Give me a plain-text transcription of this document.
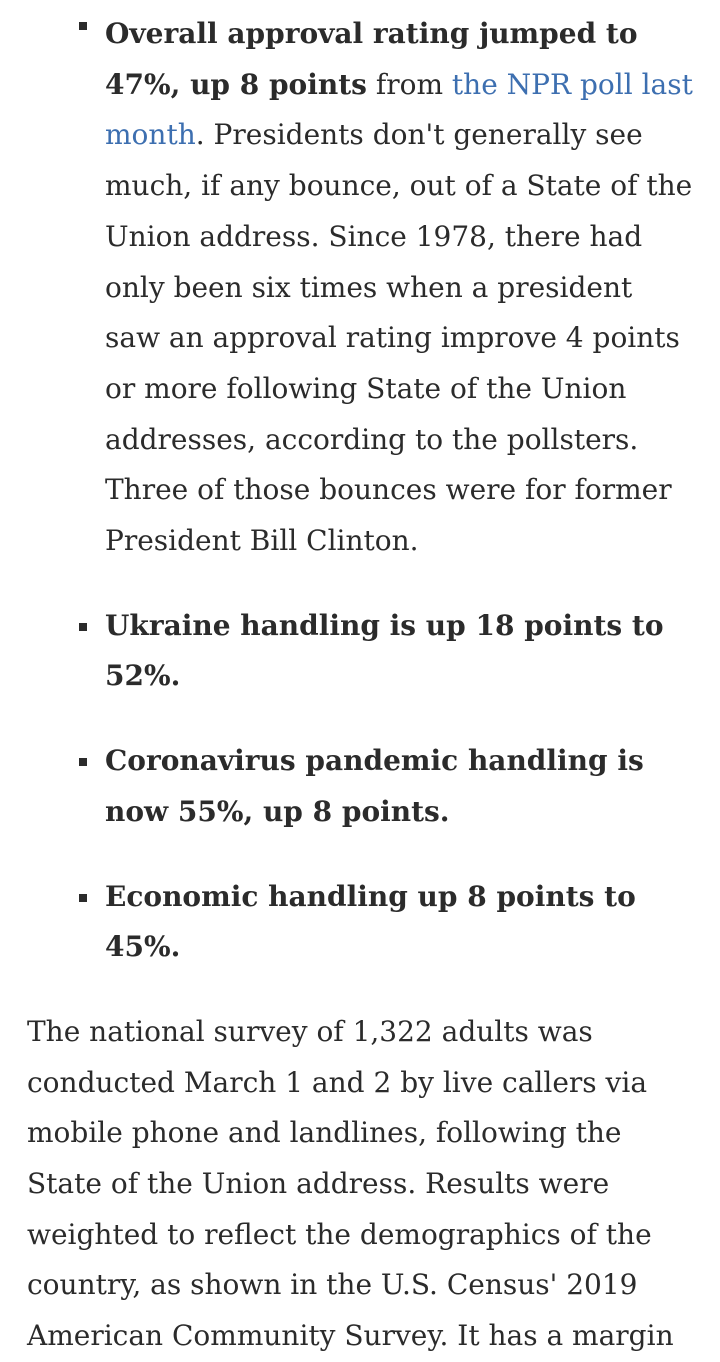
Overall approval rating jumped to 47%, up 8 points from the NPR poll last month. Presidents don't generally see much, if any bounce, out of a State of the Union address. Since 1978, there had only been six times when a president saw an approval rating improve 4 points or more following State of the Union addresses, according to the pollsters. Three of those bounces were for former President Bill Clinton.
Ukraine handling is up 18 points to 52%.
Coronavirus pandemic handling is now 55%, up 8 points.
Economic handling up 8 points to 45%.

The national survey of 1,322 adults was conducted March 1 and 2 by live callers via mobile phone and landlines, following the State of the Union address. Results were weighted to reflect the demographics of the country, as shown in the U.S. Census' 2019 American Community Survey. It has a margin
